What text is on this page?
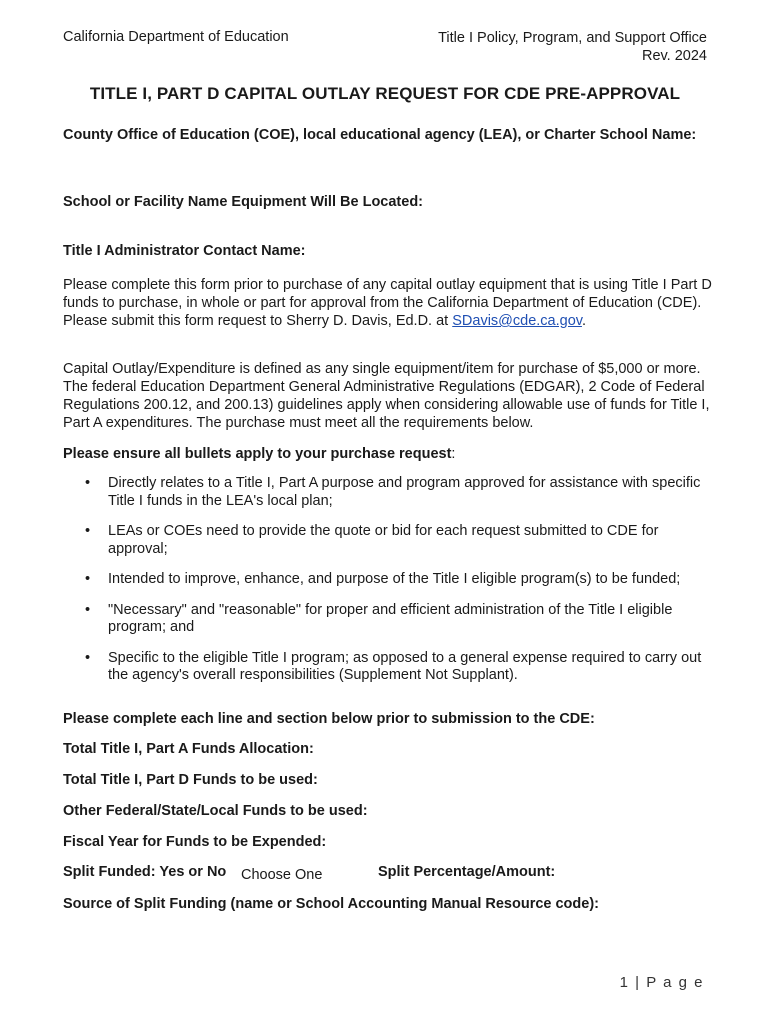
California Department of Education	Title I Policy, Program, and Support Office
Rev. 2024
TITLE I, PART D CAPITAL OUTLAY REQUEST FOR CDE PRE-APPROVAL
County Office of Education (COE), local educational agency (LEA), or Charter School Name:
School or Facility Name Equipment Will Be Located:
Title I Administrator Contact Name:
Please complete this form prior to purchase of any capital outlay equipment that is using Title I Part D funds to purchase, in whole or part for approval from the California Department of Education (CDE). Please submit this form request to Sherry D. Davis, Ed.D. at SDavis@cde.ca.gov.
Capital Outlay/Expenditure is defined as any single equipment/item for purchase of $5,000 or more. The federal Education Department General Administrative Regulations (EDGAR), 2 Code of Federal Regulations 200.12, and 200.13) guidelines apply when considering allowable use of funds for Title I, Part A expenditures. The purchase must meet all the requirements below.
Please ensure all bullets apply to your purchase request:
• Directly relates to a Title I, Part A purpose and program approved for assistance with specific Title I funds in the LEA's local plan;
• LEAs or COEs need to provide the quote or bid for each request submitted to CDE for approval;
• Intended to improve, enhance, and purpose of the Title I eligible program(s) to be funded;
• "Necessary" and "reasonable" for proper and efficient administration of the Title I eligible program; and
• Specific to the eligible Title I program; as opposed to a general expense required to carry out the agency's overall responsibilities (Supplement Not Supplant).
Please complete each line and section below prior to submission to the CDE:
Total Title I, Part A Funds Allocation:
Total Title I, Part D Funds to be used:
Other Federal/State/Local Funds to be used:
Fiscal Year for Funds to be Expended:
Split Funded: Yes or No Choose One	Split Percentage/Amount:
Source of Split Funding (name or School Accounting Manual Resource code):
1 | P a g e
